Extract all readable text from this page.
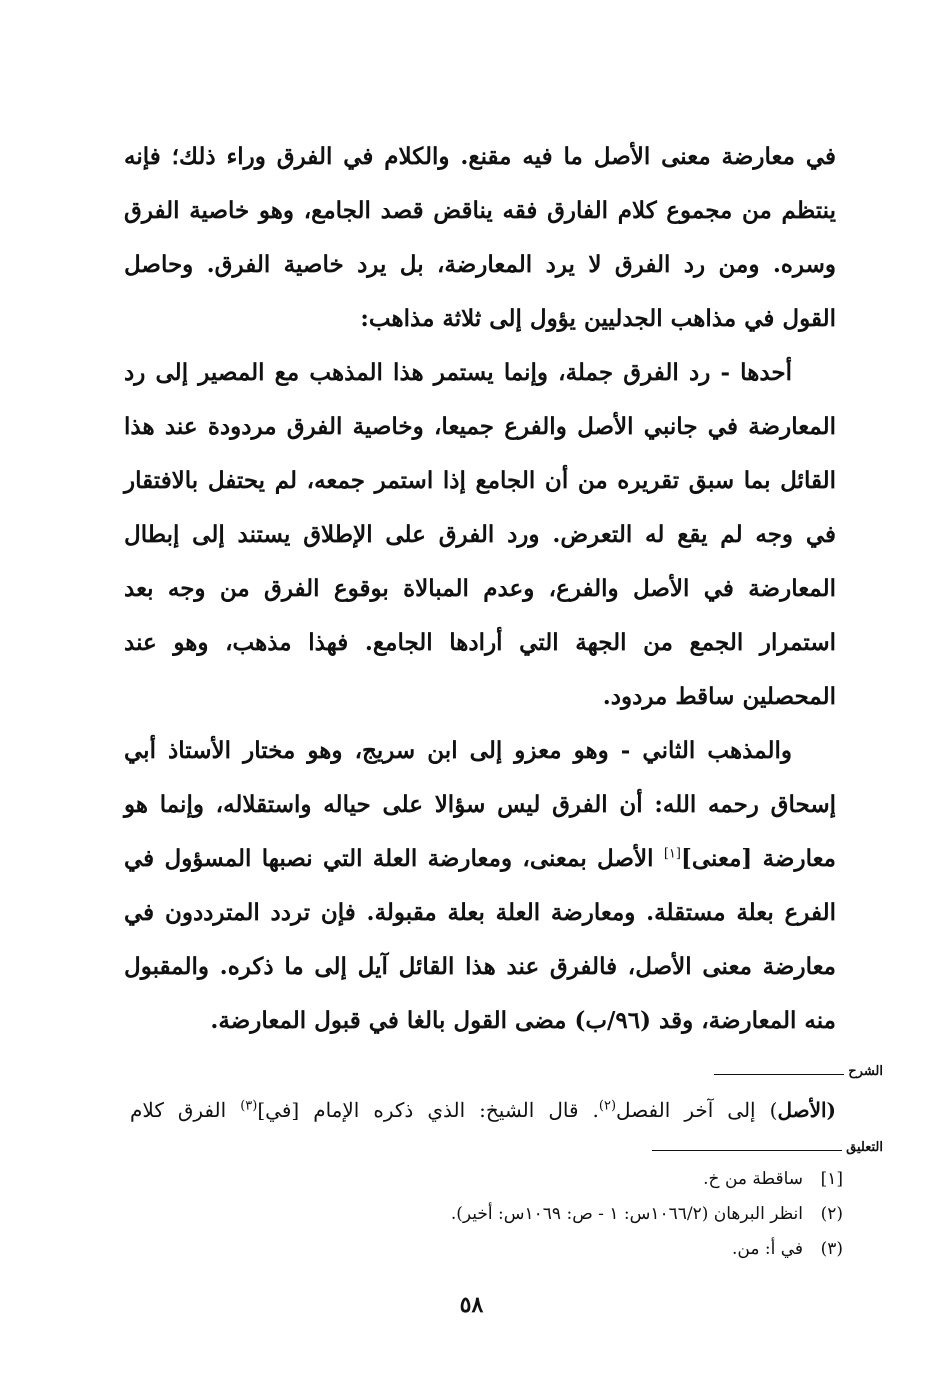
في معارضة معنى الأصل ما فيه مقنع. والكلام في الفرق وراء ذلك؛ فإنه ينتظم من مجموع كلام الفارق فقه يناقض قصد الجامع، وهو خاصية الفرق وسره. ومن رد الفرق لا يرد المعارضة، بل يرد خاصية الفرق. وحاصل القول في مذاهب الجدليين يؤول إلى ثلاثة مذاهب:

أحدها - رد الفرق جملة، وإنما يستمر هذا المذهب مع المصير إلى رد المعارضة في جانبي الأصل والفرع جميعا، وخاصية الفرق مردودة عند هذا القائل بما سبق تقريره من أن الجامع إذا استمر جمعه، لم يحتفل بالافتقار في وجه لم يقع له التعرض. ورد الفرق على الإطلاق يستند إلى إبطال المعارضة في الأصل والفرع، وعدم المبالاة بوقوع الفرق من وجه بعد استمرار الجمع من الجهة التي أرادها الجامع. فهذا مذهب، وهو عند المحصلين ساقط مردود.

والمذهب الثاني - وهو معزو إلى ابن سريج، وهو مختار الأستاذ أبي إسحاق رحمه الله: أن الفرق ليس سؤالا على حياله واستقلاله، وإنما هو معارضة [معنى][١] الأصل بمعنى، ومعارضة العلة التي نصبها المسؤول في الفرع بعلة مستقلة. ومعارضة العلة بعلة مقبولة. فإن تردد المترددون في معارضة معنى الأصل، فالفرق عند هذا القائل آيل إلى ما ذكره. والمقبول منه المعارضة، وقد (٩٦/ب) مضى القول بالغا في قبول المعارضة.

الشرح
(الأصل) إلى آخر الفصل$^{(٢)}$. قال الشيخ: الذي ذكره الإمام [في]$^{(٣)}$ الفرق كلام
التعليق
[١]
ساقطة من خ.
(٢)
انظر البرهان (١٠٦٦/٢س: ١ - ص: ١٠٦٩س: أخير).
(٣)
في أ: من.
٥٨
